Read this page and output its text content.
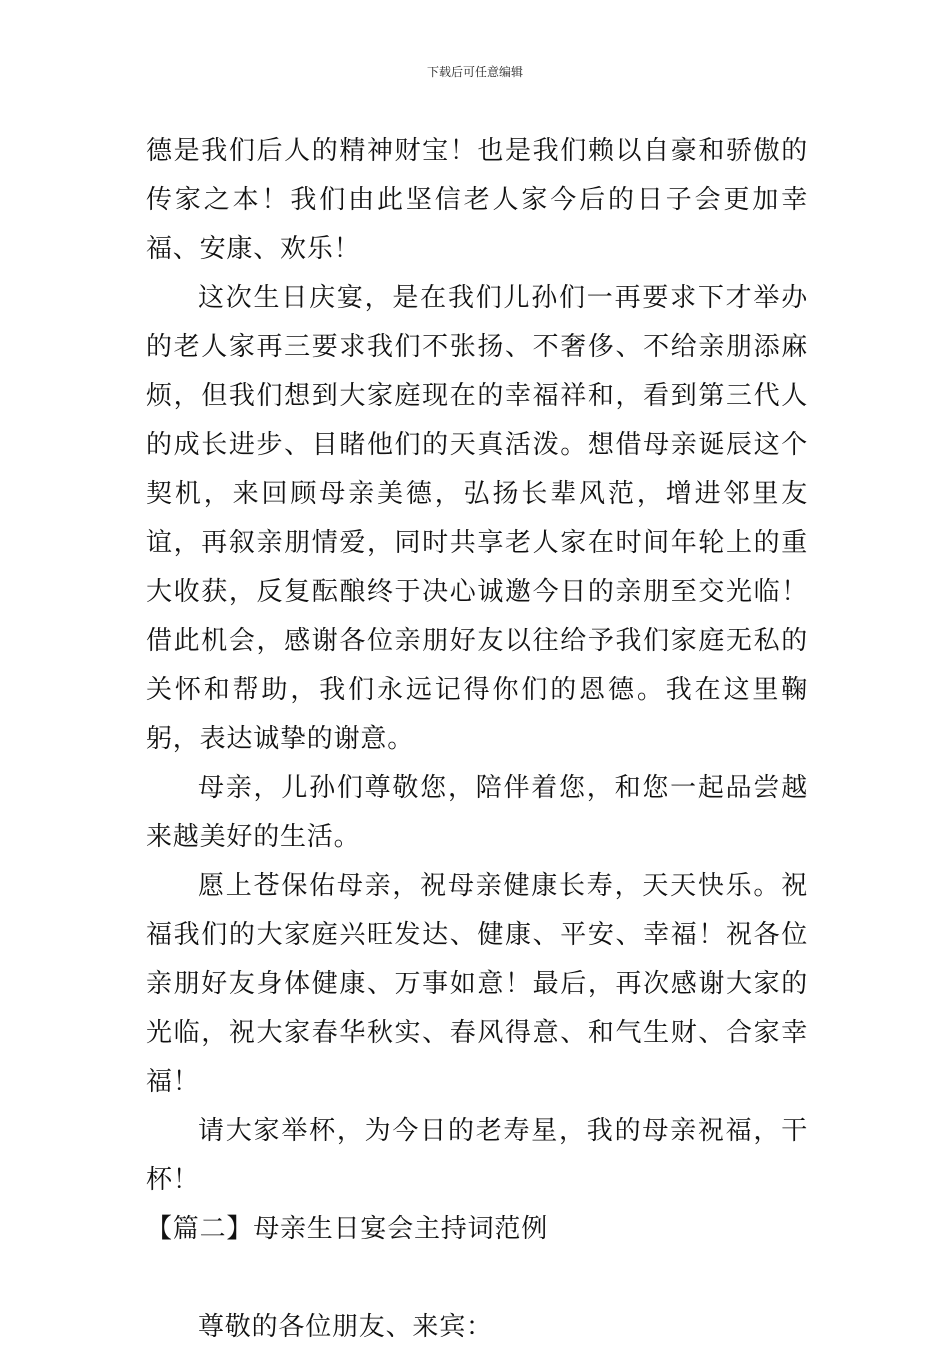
下载后可任意编辑

德是我们后人的精神财宝！也是我们赖以自豪和骄傲的传家之本！我们由此坚信老人家今后的日子会更加幸福、安康、欢乐！

这次生日庆宴，是在我们儿孙们一再要求下才举办的老人家再三要求我们不张扬、不奢侈、不给亲朋添麻烦，但我们想到大家庭现在的幸福祥和，看到第三代人的成长进步、目睹他们的天真活泼。想借母亲诞辰这个契机，来回顾母亲美德，弘扬长辈风范，增进邻里友谊，再叙亲朋情爱，同时共享老人家在时间年轮上的重大收获，反复酝酿终于决心诚邀今日的亲朋至交光临！借此机会，感谢各位亲朋好友以往给予我们家庭无私的关怀和帮助，我们永远记得你们的恩德。我在这里鞠躬，表达诚挚的谢意。

母亲，儿孙们尊敬您，陪伴着您，和您一起品尝越来越美好的生活。

愿上苍保佑母亲，祝母亲健康长寿，天天快乐。祝福我们的大家庭兴旺发达、健康、平安、幸福！祝各位亲朋好友身体健康、万事如意！最后，再次感谢大家的光临，祝大家春华秋实、春风得意、和气生财、合家幸福！

请大家举杯，为今日的老寿星，我的母亲祝福，干杯！

【篇二】母亲生日宴会主持词范例

尊敬的各位朋友、来宾：
